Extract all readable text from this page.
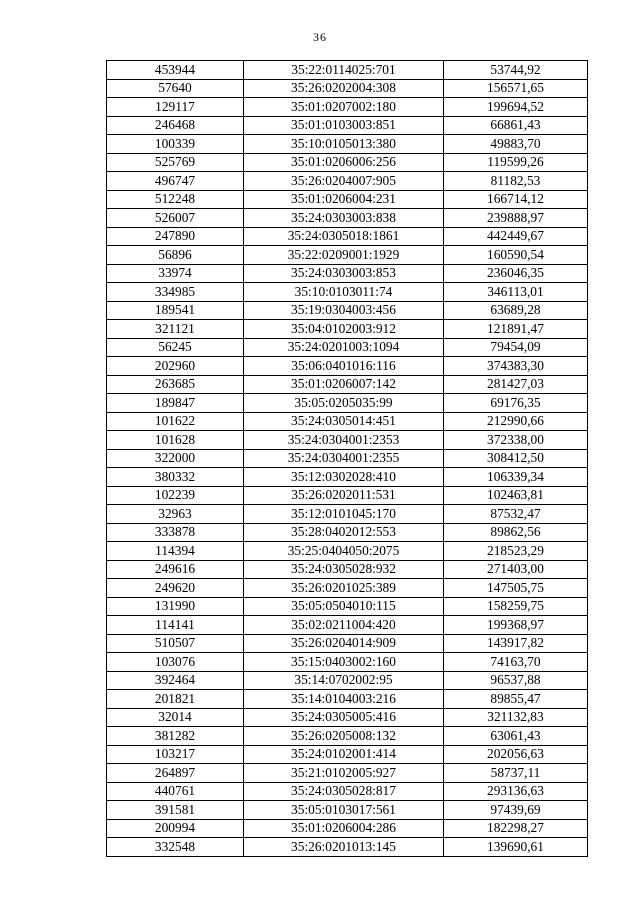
36
453944	35:22:0114025:701	53744,92
57640	35:26:0202004:308	156571,65
129117	35:01:0207002:180	199694,52
246468	35:01:0103003:851	66861,43
100339	35:10:0105013:380	49883,70
525769	35:01:0206006:256	119599,26
496747	35:26:0204007:905	81182,53
512248	35:01:0206004:231	166714,12
526007	35:24:0303003:838	239888,97
247890	35:24:0305018:1861	442449,67
56896	35:22:0209001:1929	160590,54
33974	35:24:0303003:853	236046,35
334985	35:10:0103011:74	346113,01
189541	35:19:0304003:456	63689,28
321121	35:04:0102003:912	121891,47
56245	35:24:0201003:1094	79454,09
202960	35:06:0401016:116	374383,30
263685	35:01:0206007:142	281427,03
189847	35:05:0205035:99	69176,35
101622	35:24:0305014:451	212990,66
101628	35:24:0304001:2353	372338,00
322000	35:24:0304001:2355	308412,50
380332	35:12:0302028:410	106339,34
102239	35:26:0202011:531	102463,81
32963	35:12:0101045:170	87532,47
333878	35:28:0402012:553	89862,56
114394	35:25:0404050:2075	218523,29
249616	35:24:0305028:932	271403,00
249620	35:26:0201025:389	147505,75
131990	35:05:0504010:115	158259,75
114141	35:02:0211004:420	199368,97
510507	35:26:0204014:909	143917,82
103076	35:15:0403002:160	74163,70
392464	35:14:0702002:95	96537,88
201821	35:14:0104003:216	89855,47
32014	35:24:0305005:416	321132,83
381282	35:26:0205008:132	63061,43
103217	35:24:0102001:414	202056,63
264897	35:21:0102005:927	58737,11
440761	35:24:0305028:817	293136,63
391581	35:05:0103017:561	97439,69
200994	35:01:0206004:286	182298,27
332548	35:26:0201013:145	139690,61
